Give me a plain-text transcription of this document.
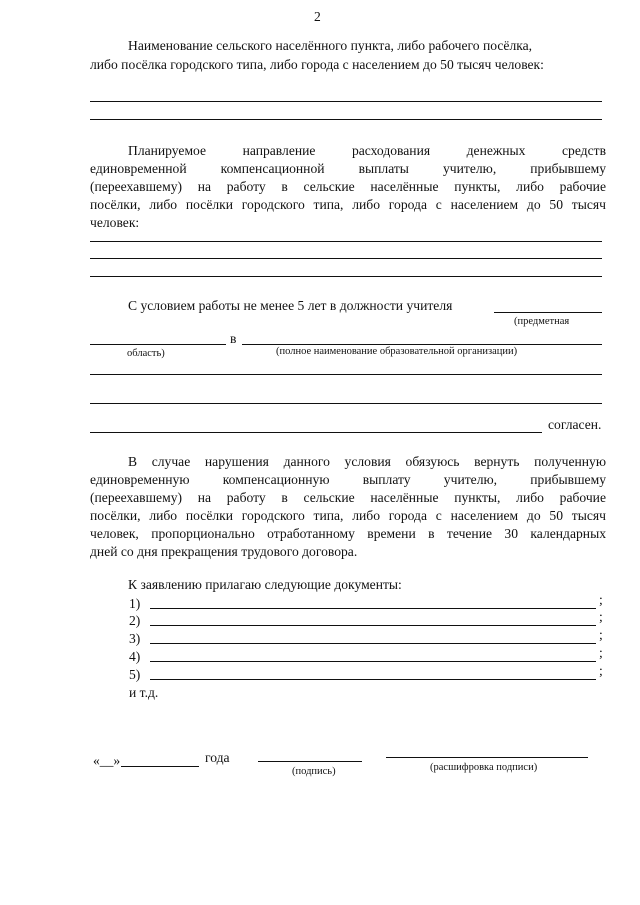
2
Наименование сельского населённого пункта, либо рабочего посёлка,
либо посёлка городского типа, либо города с населением до 50 тысяч человек:
Планируемое направление расходования денежных средств
единовременной компенсационной выплаты учителю, прибывшему
(переехавшему) на работу в сельские населённые пункты, либо рабочие
посёлки, либо посёлки городского типа, либо города с населением до 50 тысяч
человек:
С условием работы не менее 5 лет в должности учителя
(предметная
в
область)	(полное наименование образовательной организации)
согласен.
В случае нарушения данного условия обязуюсь вернуть полученную
единовременную компенсационную выплату учителю, прибывшему
(переехавшему) на работу в сельские населённые пункты, либо рабочие
посёлки, либо посёлки городского типа, либо города с населением до 50 тысяч
человек, пропорционально отработанному времени в течение 30 календарных
дней со дня прекращения трудового договора.
К заявлению прилагаю следующие документы:
1)	;
2)	;
3)	;
4)	;
5)	;
и т.д.
«__»	года
(подпись)	(расшифровка подписи)
